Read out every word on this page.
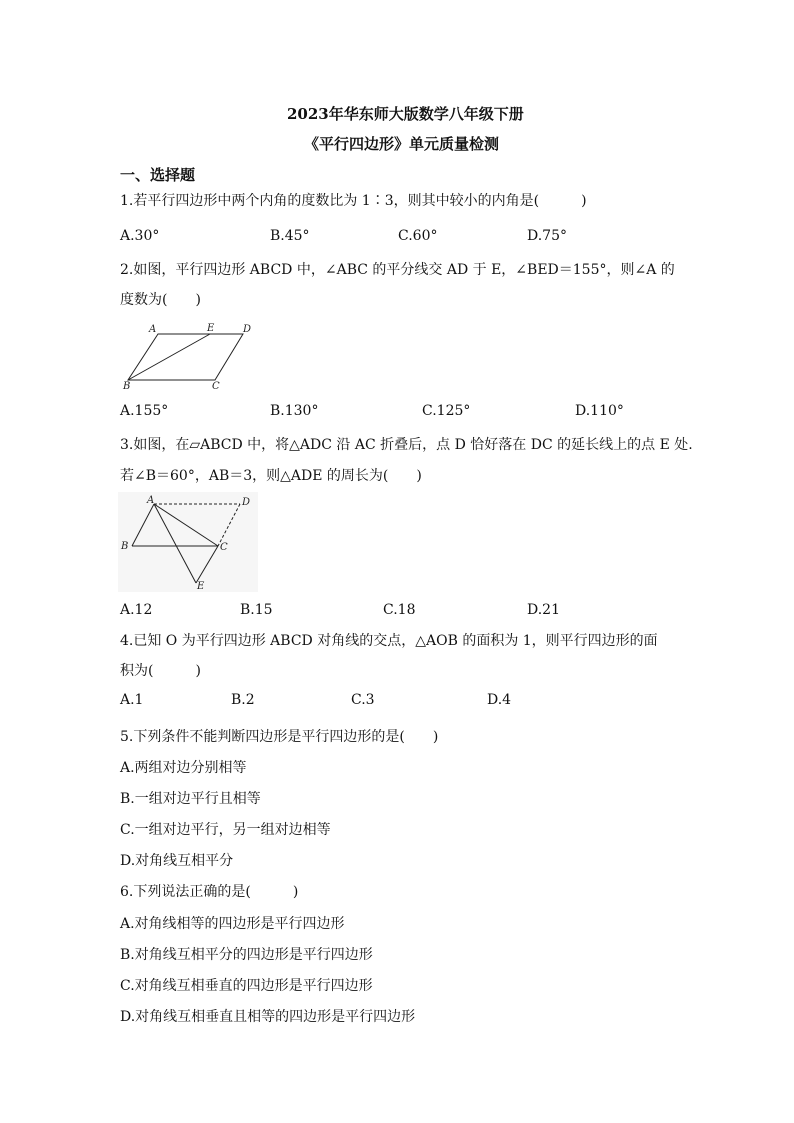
2023年华东师大版数学八年级下册
《平行四边形》单元质量检测
一、选择题
1.若平行四边形中两个内角的度数比为 1∶3，则其中较小的内角是(　　　)
A.30°	B.45°	C.60°	D.75°
2.如图，平行四边形 ABCD 中，∠ABC 的平分线交 AD 于 E，∠BED＝155°，则∠A 的
度数为(　　)
A	E	D
B	C
A.155°	B.130°	C.125°	D.110°
3.如图，在▱ABCD 中，将△ADC 沿 AC 折叠后，点 D 恰好落在 DC 的延长线上的点 E 处.
若∠B＝60°，AB＝3，则△ADE 的周长为(　　)
A	D
B	C
E
A.12	B.15	C.18	D.21
4.已知 O 为平行四边形 ABCD 对角线的交点，△AOB 的面积为 1，则平行四边形的面
积为(　　　)
A.1	B.2	C.3	D.4
5.下列条件不能判断四边形是平行四边形的是(　　)
A.两组对边分别相等
B.一组对边平行且相等
C.一组对边平行，另一组对边相等
D.对角线互相平分
6.下列说法正确的是(　　　)
A.对角线相等的四边形是平行四边形
B.对角线互相平分的四边形是平行四边形
C.对角线互相垂直的四边形是平行四边形
D.对角线互相垂直且相等的四边形是平行四边形
